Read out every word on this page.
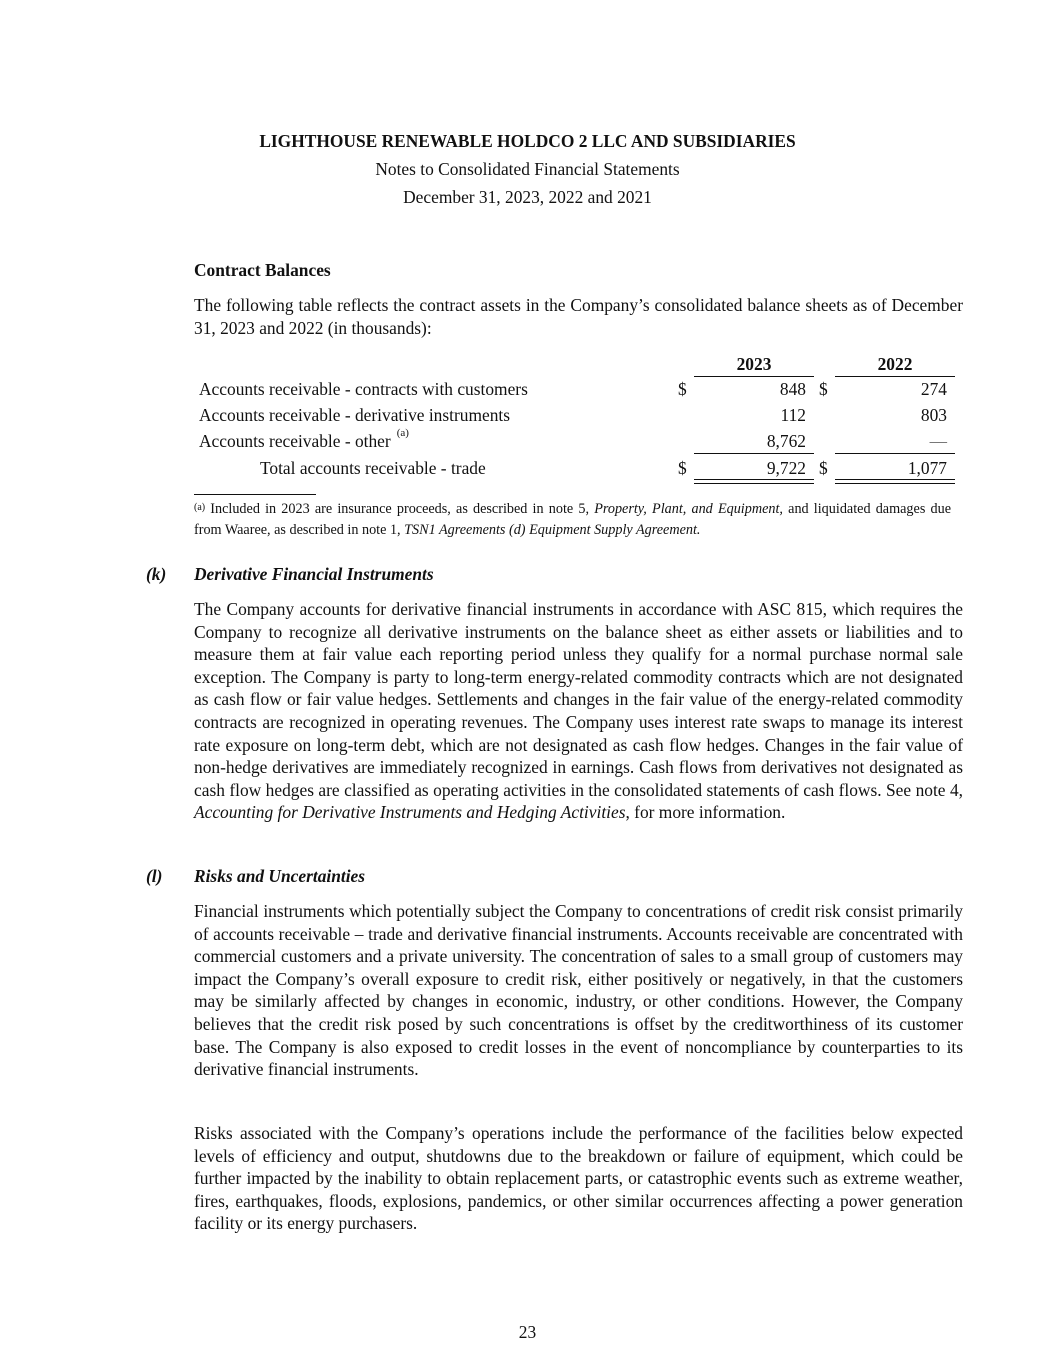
LIGHTHOUSE RENEWABLE HOLDCO 2 LLC AND SUBSIDIARIES
Notes to Consolidated Financial Statements
December 31, 2023, 2022 and 2021
Contract Balances
The following table reflects the contract assets in the Company’s consolidated balance sheets as of December 31, 2023 and 2022 (in thousands):
2023	2022
Accounts receivable - contracts with customers	$	848 $	274
Accounts receivable - derivative instruments	112	803
Accounts receivable - other $^{(a)}$	8,762	—
Total accounts receivable - trade	$	9,722 $	1,077
$^{(a)}$ Included in 2023 are insurance proceeds, as described in note 5, Property, Plant, and Equipment, and liquidated damages due from Waaree, as described in note 1, TSN1 Agreements (d) Equipment Supply Agreement.
(k) Derivative Financial Instruments
The Company accounts for derivative financial instruments in accordance with ASC 815, which requires the Company to recognize all derivative instruments on the balance sheet as either assets or liabilities and to measure them at fair value each reporting period unless they qualify for a normal purchase normal sale exception. The Company is party to long-term energy-related commodity contracts which are not designated as cash flow or fair value hedges. Settlements and changes in the fair value of the energy-related commodity contracts are recognized in operating revenues. The Company uses interest rate swaps to manage its interest rate exposure on long-term debt, which are not designated as cash flow hedges. Changes in the fair value of non-hedge derivatives are immediately recognized in earnings. Cash flows from derivatives not designated as cash flow hedges are classified as operating activities in the consolidated statements of cash flows. See note 4, Accounting for Derivative Instruments and Hedging Activities, for more information.
(l) Risks and Uncertainties
Financial instruments which potentially subject the Company to concentrations of credit risk consist primarily of accounts receivable – trade and derivative financial instruments. Accounts receivable are concentrated with commercial customers and a private university. The concentration of sales to a small group of customers may impact the Company’s overall exposure to credit risk, either positively or negatively, in that the customers may be similarly affected by changes in economic, industry, or other conditions. However, the Company believes that the credit risk posed by such concentrations is offset by the creditworthiness of its customer base. The Company is also exposed to credit losses in the event of noncompliance by counterparties to its derivative financial instruments.
Risks associated with the Company’s operations include the performance of the facilities below expected levels of efficiency and output, shutdowns due to the breakdown or failure of equipment, which could be further impacted by the inability to obtain replacement parts, or catastrophic events such as extreme weather, fires, earthquakes, floods, explosions, pandemics, or other similar occurrences affecting a power generation facility or its energy purchasers.
23
